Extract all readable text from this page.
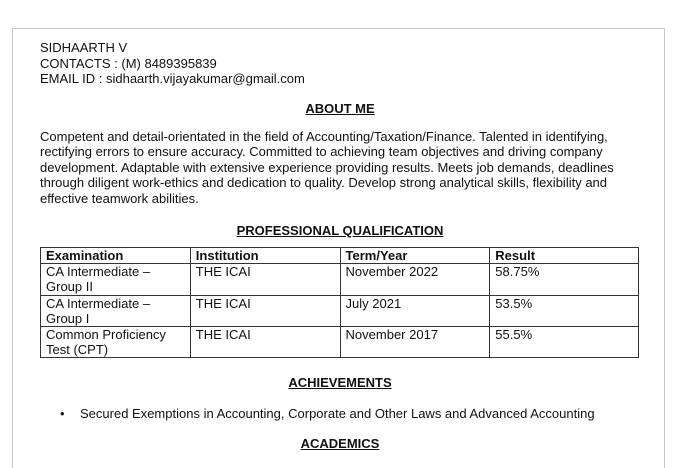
SIDHAARTH V
CONTACTS : (M) 8489395839
EMAIL ID : sidhaarth.vijayakumar@gmail.com
ABOUT ME
Competent and detail-orientated in the field of Accounting/Taxation/Finance. Talented in identifying, rectifying errors to ensure accuracy. Committed to achieving team objectives and driving company development. Adaptable with extensive experience providing results. Meets job demands, deadlines through diligent work-ethics and dedication to quality. Develop strong analytical skills, flexibility and effective teamwork abilities.
PROFESSIONAL QUALIFICATION
Examination	Institution	Term/Year	Result
CA Intermediate – Group II	THE ICAI	November 2022	58.75%
CA Intermediate – Group I	THE ICAI	July 2021	53.5%
Common Proficiency Test (CPT)	THE ICAI	November 2017	55.5%
ACHIEVEMENTS
• Secured Exemptions in Accounting, Corporate and Other Laws and Advanced Accounting
ACADEMICS
